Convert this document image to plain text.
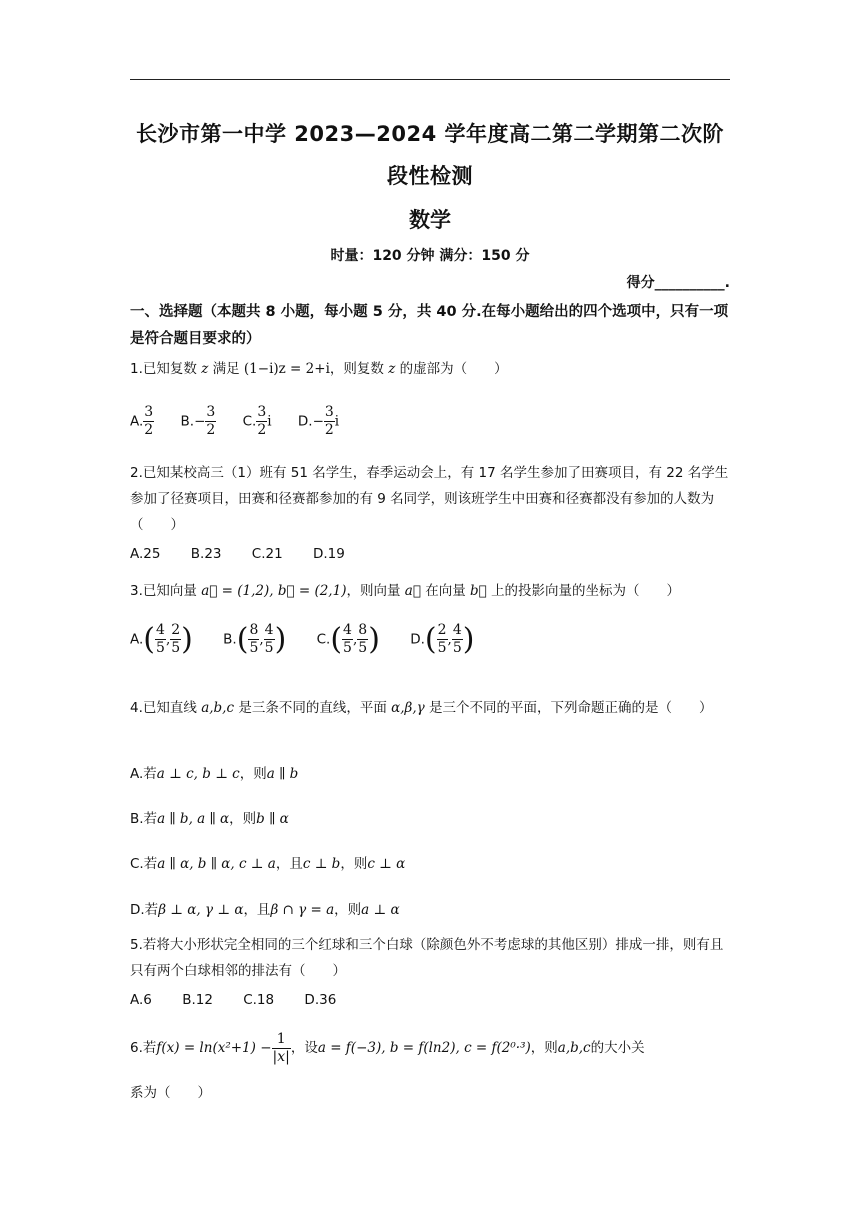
长沙市第一中学 2023—2024 学年度高二第二学期第二次阶
段性检测
数学
时量：120 分钟 满分：150 分
得分__________.
一、选择题（本题共 8 小题，每小题 5 分，共 40 分.在每小题给出的四个选项中，只有一项是符合题目要求的）
1.已知复数 z 满足 (1−i)z = 2+i，则复数 z 的虚部为（　　）
A. $\frac{3}{2} B.- \frac{3}{2} C$. $\frac{3}{2}$ i $D.- \frac{3}{2}$ i
2.已知某校高三（1）班有 51 名学生，春季运动会上，有 17 名学生参加了田赛项目，有 22 名学生参加了径赛项目，田赛和径赛都参加的有 9 名同学，则该班学生中田赛和径赛都没有参加的人数为（　　）
A.25 B.23 C.21 D.19
3.已知向量 a⃗ = (1,2), b⃗ = (2,1)，则向量 a⃗ 在向量 b⃗ 上的投影向量的坐标为（　　）
$A.( \frac{4}{5}$ , $\frac{2}{5}$ ) $B.( \frac{8}{5}$ , $\frac{4}{5}$ ) $C.( \frac{4}{5}$ , $\frac{8}{5}$ ) $D.( \frac{2}{5}$ , $\frac{4}{5}$ )
4.已知直线 a,b,c 是三条不同的直线，平面 α,β,γ 是三个不同的平面，下列命题正确的是（　　）
A.若a ⊥ c, b ⊥ c，则a ∥ b
B.若a ∥ b, a ∥ α，则b ∥ α
C.若a ∥ α, b ∥ α, c ⊥ a，且c ⊥ b，则c ⊥ α
D.若β ⊥ α, γ ⊥ α，且β ∩ γ = a，则a ⊥ α
5.若将大小形状完全相同的三个红球和三个白球（除颜色外不考虑球的其他区别）排成一排，则有且只有两个白球相邻的排法有（　　）
A.6 B.12 C.18 D.36
6.若$f(x) = \ln(x^2+1) - \frac{1}{|x|}$ ，设a = f(−3), b = f(ln2), c = f(2⁰·³)，则a,b,c的大小关
系为（　　）
